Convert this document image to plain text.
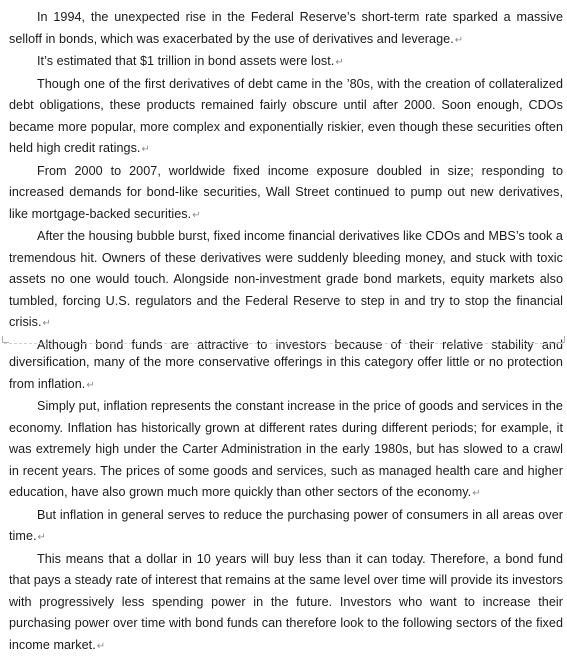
In 1994, the unexpected rise in the Federal Reserve’s short-term rate sparked a massive selloff in bonds, which was exacerbated by the use of derivatives and leverage.↵

It’s estimated that $1 trillion in bond assets were lost.↵

Though one of the first derivatives of debt came in the ’80s, with the creation of collateralized debt obligations, these products remained fairly obscure until after 2000. Soon enough, CDOs became more popular, more complex and exponentially riskier, even though these securities often held high credit ratings.↵

From 2000 to 2007, worldwide fixed income exposure doubled in size; responding to increased demands for bond-like securities, Wall Street continued to pump out new derivatives, like mortgage-backed securities.↵

After the housing bubble burst, fixed income financial derivatives like CDOs and MBS’s took a tremendous hit. Owners of these derivatives were suddenly bleeding money, and stuck with toxic assets no one would touch. Alongside non-investment grade bond markets, equity markets also tumbled, forcing U.S. regulators and the Federal Reserve to step in and try to stop the financial crisis.↵

Although bond funds are attractive to investors because of their relative stability and

diversification, many of the more conservative offerings in this category offer little or no protection from inflation.↵

Simply put, inflation represents the constant increase in the price of goods and services in the economy. Inflation has historically grown at different rates during different periods; for example, it was extremely high under the Carter Administration in the early 1980s, but has slowed to a crawl in recent years. The prices of some goods and services, such as managed health care and higher education, have also grown much more quickly than other sectors of the economy.↵

But inflation in general serves to reduce the purchasing power of consumers in all areas over time.↵

This means that a dollar in 10 years will buy less than it can today. Therefore, a bond fund that pays a steady rate of interest that remains at the same level over time will provide its investors with progressively less spending power in the future. Investors who want to increase their purchasing power over time with bond funds can therefore look to the following sectors of the fixed income market.↵
